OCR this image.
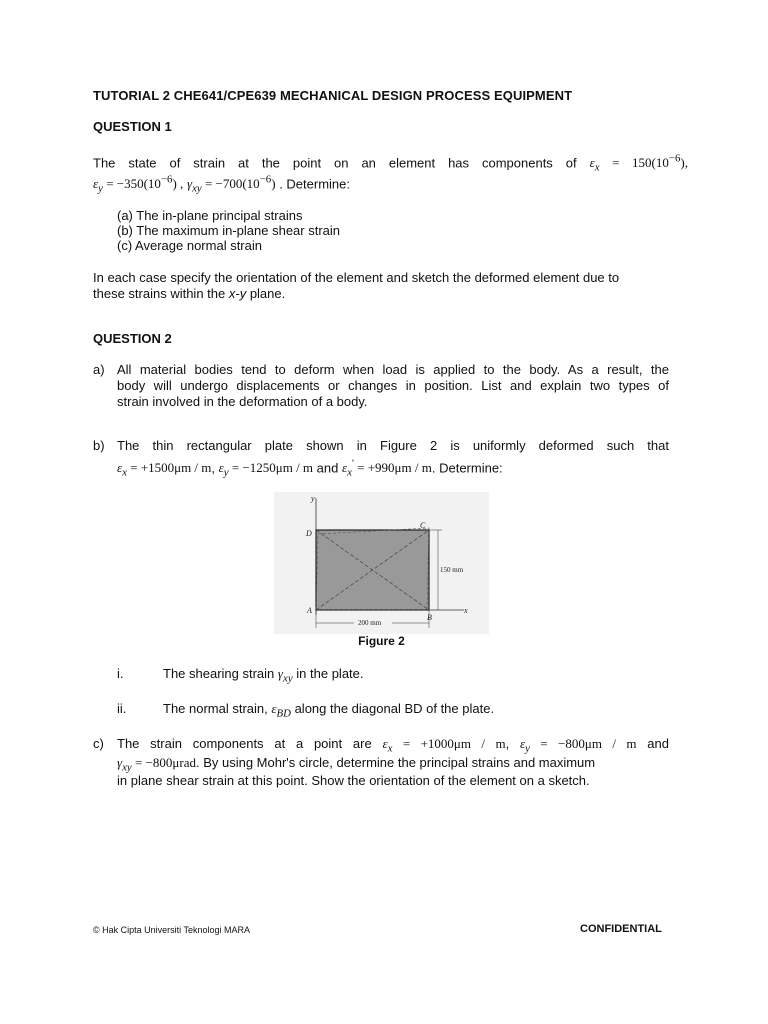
TUTORIAL 2 CHE641/CPE639 MECHANICAL DESIGN PROCESS EQUIPMENT
QUESTION 1
The state of strain at the point on an element has components of $\varepsilon_x = 150(10^{-6})$,
$\varepsilon_y = -350(10^{-6})$ , $\gamma_{xy} = -700(10^{-6})$ . Determine:
(a) The in-plane principal strains
(b) The maximum in-plane shear strain
(c) Average normal strain
In each case specify the orientation of the element and sketch the deformed element due to
these strains within the x-y plane.
QUESTION 2
a) All material bodies tend to deform when load is applied to the body. As a result, the
body will undergo displacements or changes in position. List and explain two types of
strain involved in the deformation of a body.
b) The thin rectangular plate shown in Figure 2 is uniformly deformed such that
$\varepsilon_x = +1500\mu m / m$, $\varepsilon_y = -1250\mu m / m$ and $\varepsilon_x' = +990\mu m / m$. Determine:
y
x
A
B
C
D
150 mm
200 mm
Figure 2
i.	The shearing strain $\gamma_{xy}$ in the plate.
ii.	The normal strain, $\varepsilon_{BD}$ along the diagonal BD of the plate.
c) The strain components at a point are $\varepsilon_x = +1000\mu m / m$, $\varepsilon_y = -800\mu m / m$ and
$\gamma_{xy} = -800\mu rad$. By using Mohr's circle, determine the principal strains and maximum
in plane shear strain at this point. Show the orientation of the element on a sketch.
© Hak Cipta Universiti Teknologi MARA	CONFIDENTIAL
